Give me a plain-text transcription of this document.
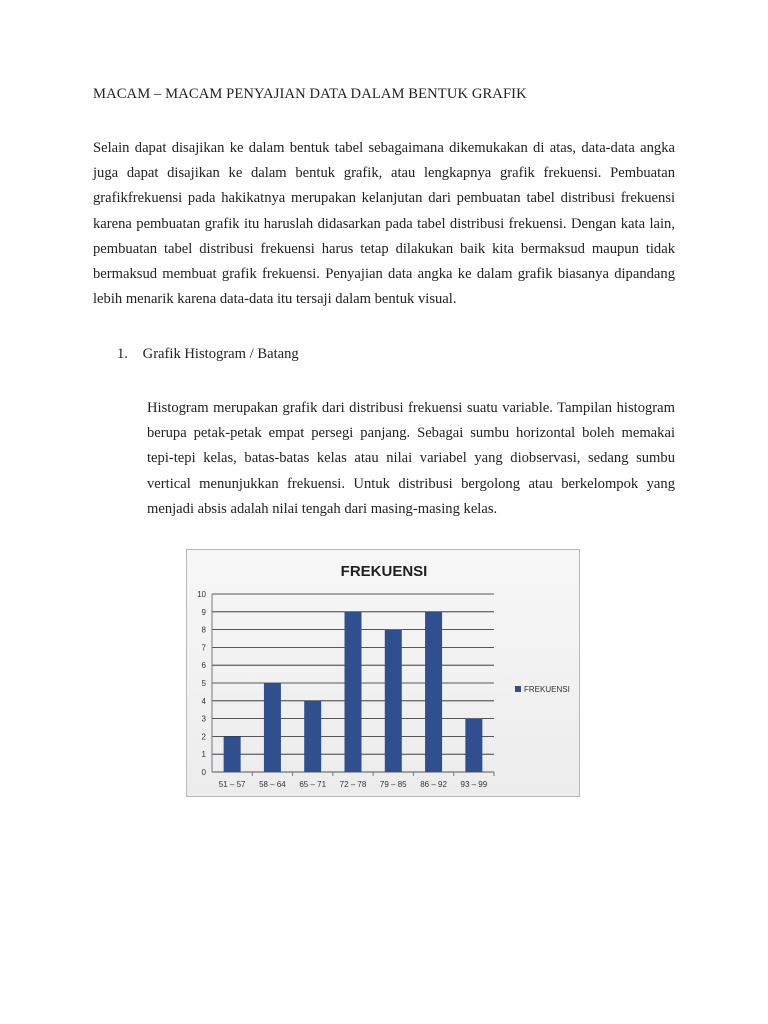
MACAM – MACAM PENYAJIAN DATA DALAM BENTUK GRAFIK
Selain dapat disajikan ke dalam bentuk tabel sebagaimana dikemukakan di atas, data-data angka juga dapat disajikan ke dalam bentuk grafik, atau lengkapnya grafik frekuensi. Pembuatan grafikfrekuensi pada hakikatnya merupakan kelanjutan dari pembuatan tabel distribusi frekuensi karena pembuatan grafik itu haruslah didasarkan pada tabel distribusi frekuensi. Dengan kata lain, pembuatan tabel distribusi frekuensi harus tetap dilakukan baik kita bermaksud maupun tidak bermaksud membuat grafik frekuensi. Penyajian data angka ke dalam grafik biasanya dipandang lebih menarik karena data-data itu tersaji dalam bentuk visual.
1. Grafik Histogram / Batang
Histogram merupakan grafik dari distribusi frekuensi suatu variable. Tampilan histogram berupa petak-petak empat persegi panjang. Sebagai sumbu horizontal boleh memakai tepi-tepi kelas, batas-batas kelas atau nilai variabel yang diobservasi, sedang sumbu vertical menunjukkan frekuensi. Untuk distribusi bergolong atau berkelompok yang menjadi absis adalah nilai tengah dari masing-masing kelas.
FREKUENSI
0
1
2
3
4
5
6
7
8
9
10
51 – 57 58 – 64 65 – 71 72 – 78 79 – 85 86 – 92 93 – 99
FREKUENSI
